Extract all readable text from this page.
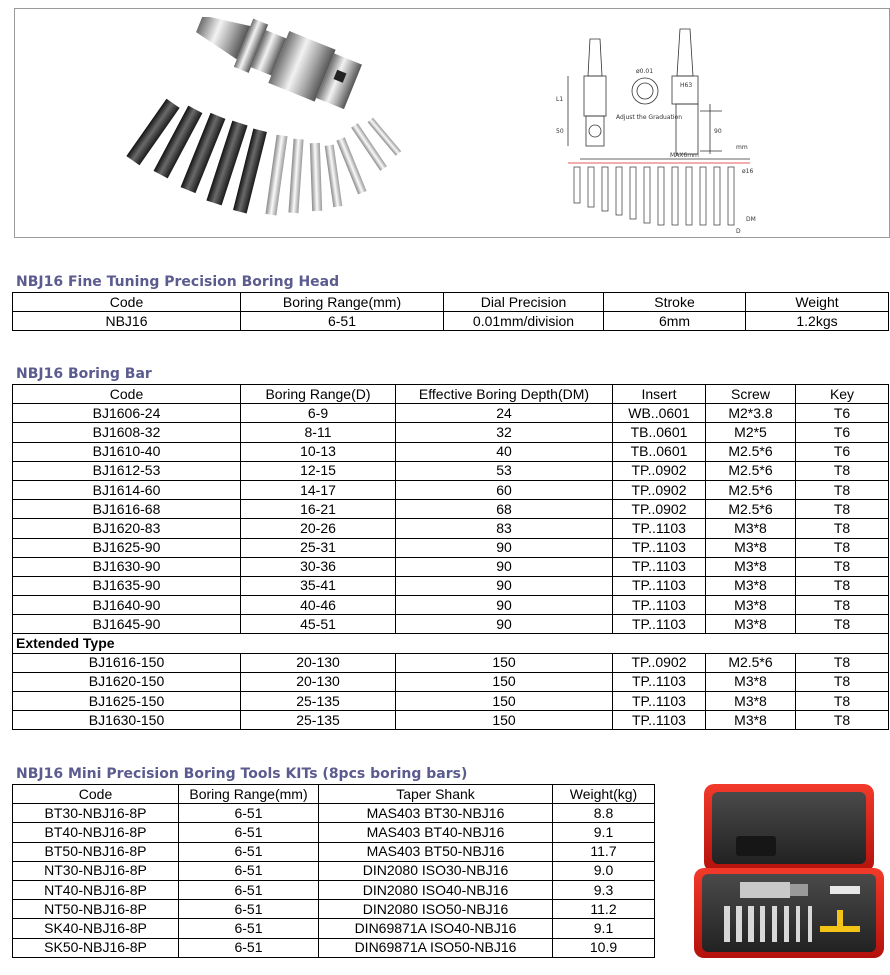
ø0.01
Adjust the Graduation
H63
L1
50	90
mm
MAX6mm
ø16
DM
D
NBJ16 Fine Tuning Precision Boring Head
Code	Boring Range(mm)	Dial Precision	Stroke	Weight
NBJ16	6-51	0.01mm/division	6mm	1.2kgs
NBJ16 Boring Bar
Code	Boring Range(D)	Effective Boring Depth(DM)	Insert	Screw	Key
BJ1606-24	6-9	24	WB..0601	M2*3.8	T6
BJ1608-32	8-11	32	TB..0601	M2*5	T6
BJ1610-40	10-13	40	TB..0601	M2.5*6	T6
BJ1612-53	12-15	53	TP..0902	M2.5*6	T8
BJ1614-60	14-17	60	TP..0902	M2.5*6	T8
BJ1616-68	16-21	68	TP..0902	M2.5*6	T8
BJ1620-83	20-26	83	TP..1103	M3*8	T8
BJ1625-90	25-31	90	TP..1103	M3*8	T8
BJ1630-90	30-36	90	TP..1103	M3*8	T8
BJ1635-90	35-41	90	TP..1103	M3*8	T8
BJ1640-90	40-46	90	TP..1103	M3*8	T8
BJ1645-90	45-51	90	TP..1103	M3*8	T8
Extended Type					
BJ1616-150	20-130	150	TP..0902	M2.5*6	T8
BJ1620-150	20-130	150	TP..1103	M3*8	T8
BJ1625-150	25-135	150	TP..1103	M3*8	T8
BJ1630-150	25-135	150	TP..1103	M3*8	T8
NBJ16 Mini Precision Boring Tools KITs (8pcs boring bars)
Code	Boring Range(mm)	Taper Shank	Weight(kg)
BT30-NBJ16-8P	6-51	MAS403 BT30-NBJ16	8.8
BT40-NBJ16-8P	6-51	MAS403 BT40-NBJ16	9.1
BT50-NBJ16-8P	6-51	MAS403 BT50-NBJ16	11.7
NT30-NBJ16-8P	6-51	DIN2080 ISO30-NBJ16	9.0
NT40-NBJ16-8P	6-51	DIN2080 ISO40-NBJ16	9.3
NT50-NBJ16-8P	6-51	DIN2080 ISO50-NBJ16	11.2
SK40-NBJ16-8P	6-51	DIN69871A ISO40-NBJ16	9.1
SK50-NBJ16-8P	6-51	DIN69871A ISO50-NBJ16	10.9
